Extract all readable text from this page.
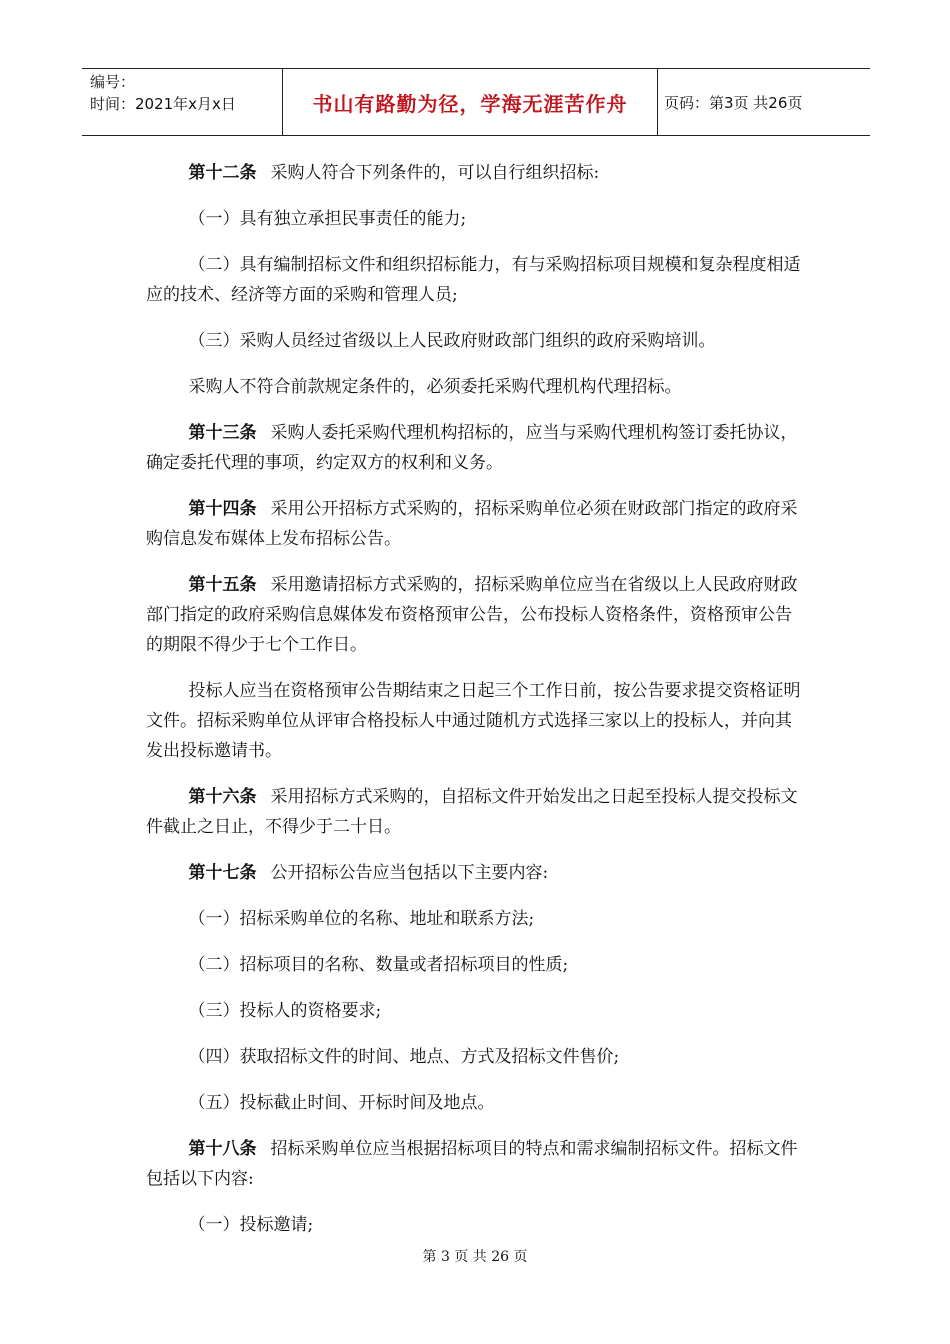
编号：
时间：2021年x月x日	书山有路勤为径，学海无涯苦作舟	页码：第3页 共26页

第十二条 采购人符合下列条件的，可以自行组织招标:

（一）具有独立承担民事责任的能力;

（二）具有编制招标文件和组织招标能力，有与采购招标项目规模和复杂程度相适应的技术、经济等方面的采购和管理人员;

（三）采购人员经过省级以上人民政府财政部门组织的政府采购培训。

采购人不符合前款规定条件的，必须委托采购代理机构代理招标。

第十三条 采购人委托采购代理机构招标的，应当与采购代理机构签订委托协议，确定委托代理的事项，约定双方的权利和义务。

第十四条 采用公开招标方式采购的，招标采购单位必须在财政部门指定的政府采购信息发布媒体上发布招标公告。

第十五条 采用邀请招标方式采购的，招标采购单位应当在省级以上人民政府财政部门指定的政府采购信息媒体发布资格预审公告，公布投标人资格条件，资格预审公告的期限不得少于七个工作日。

投标人应当在资格预审公告期结束之日起三个工作日前，按公告要求提交资格证明文件。招标采购单位从评审合格投标人中通过随机方式选择三家以上的投标人，并向其发出投标邀请书。

第十六条 采用招标方式采购的，自招标文件开始发出之日起至投标人提交投标文件截止之日止，不得少于二十日。

第十七条 公开招标公告应当包括以下主要内容:

（一）招标采购单位的名称、地址和联系方法;

（二）招标项目的名称、数量或者招标项目的性质;

（三）投标人的资格要求;

（四）获取招标文件的时间、地点、方式及招标文件售价;

（五）投标截止时间、开标时间及地点。

第十八条 招标采购单位应当根据招标项目的特点和需求编制招标文件。招标文件包括以下内容:

（一）投标邀请;

第 3 页 共 26 页
